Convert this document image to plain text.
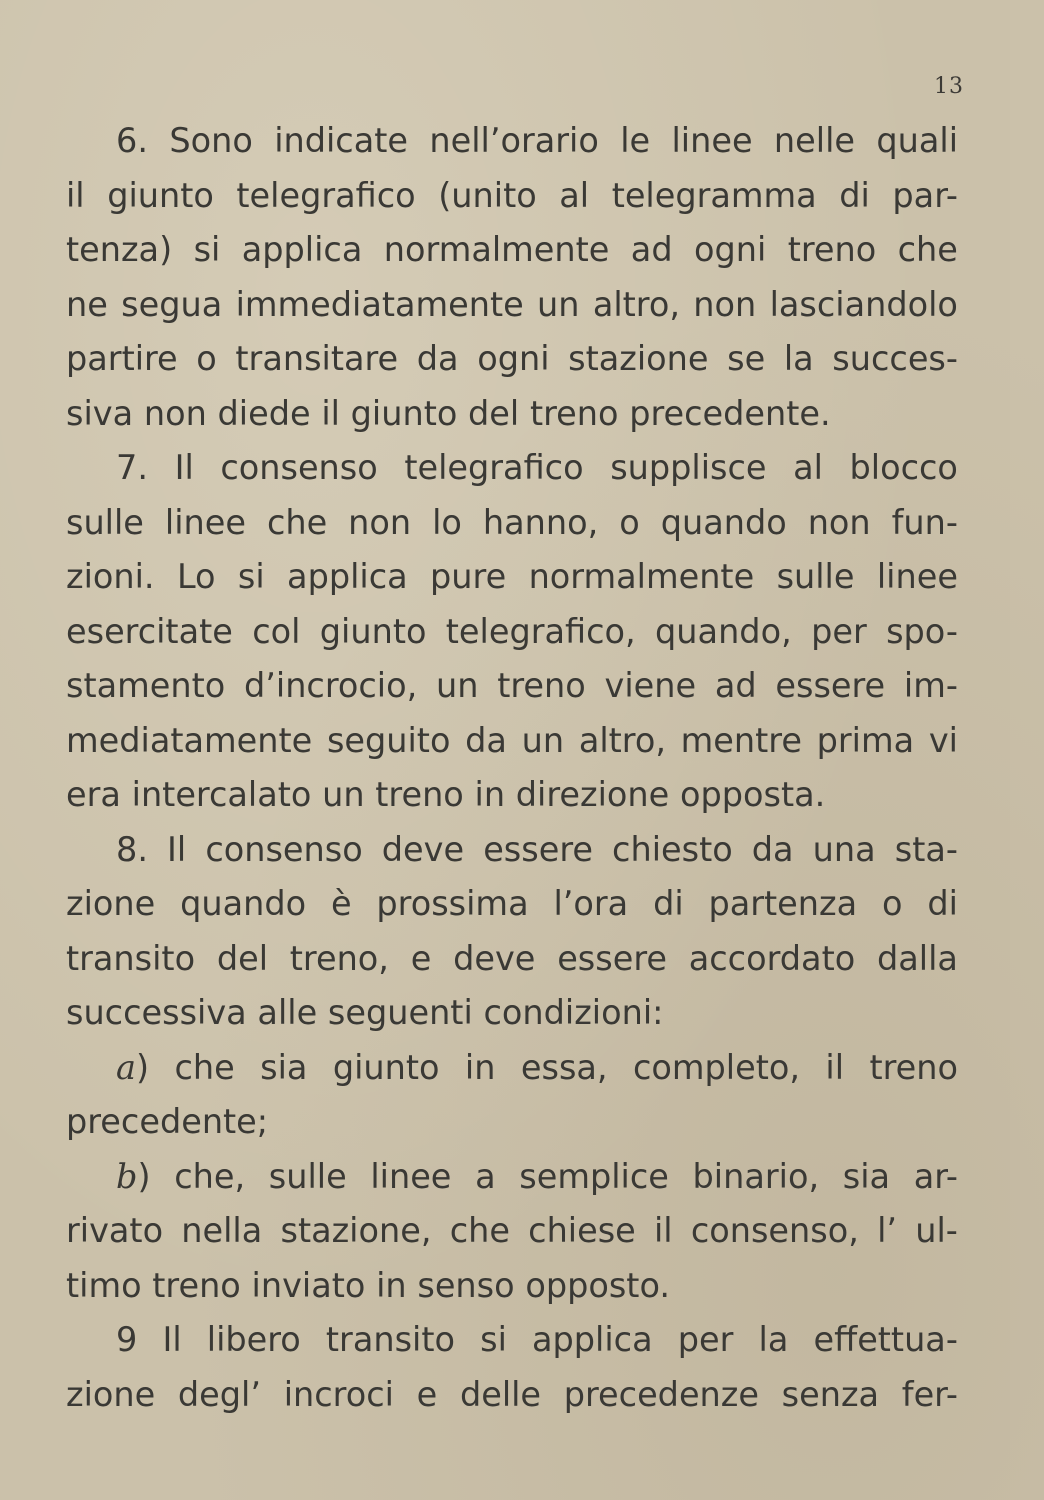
13
6. Sono indicate nell’orario le linee nelle quali
il giunto telegrafico (unito al telegramma di par-
tenza) si applica normalmente ad ogni treno che
ne segua immediatamente un altro, non lasciandolo
partire o transitare da ogni stazione se la succes-
siva non diede il giunto del treno precedente.
7. Il consenso telegrafico supplisce al blocco
sulle linee che non lo hanno, o quando non fun-
zioni. Lo si applica pure normalmente sulle linee
esercitate col giunto telegrafico, quando, per spo-
stamento d’incrocio, un treno viene ad essere im-
mediatamente seguito da un altro, mentre prima vi
era intercalato un treno in direzione opposta.
8. Il consenso deve essere chiesto da una sta-
zione quando è prossima l’ora di partenza o di
transito del treno, e deve essere accordato dalla
successiva alle seguenti condizioni:
a) che sia giunto in essa, completo, il treno
precedente;
b) che, sulle linee a semplice binario, sia ar-
rivato nella stazione, che chiese il consenso, l’ ul-
timo treno inviato in senso opposto.
9 Il libero transito si applica per la effettua-
zione degl’ incroci e delle precedenze senza fer-
